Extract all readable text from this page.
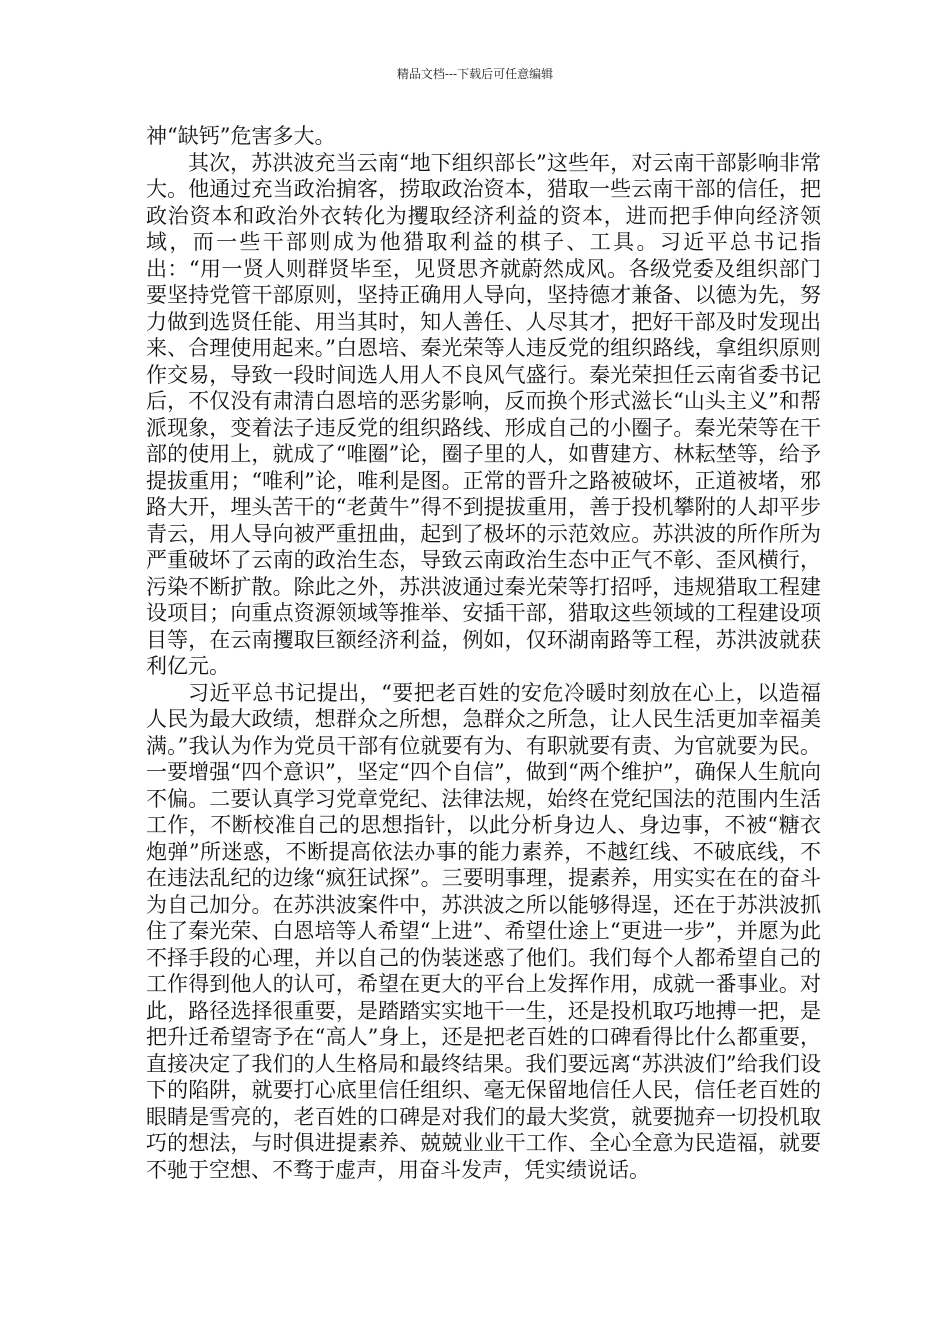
精品文档---下载后可任意编辑

神“缺钙”危害多大。

其次，苏洪波充当云南“地下组织部长”这些年，对云南干部影响非常大。他通过充当政治掮客，捞取政治资本，猎取一些云南干部的信任，把政治资本和政治外衣转化为攫取经济利益的资本，进而把手伸向经济领域，而一些干部则成为他猎取利益的棋子、工具。习近平总书记指出：“用一贤人则群贤毕至，见贤思齐就蔚然成风。各级党委及组织部门要坚持党管干部原则，坚持正确用人导向，坚持德才兼备、以德为先，努力做到选贤任能、用当其时，知人善任、人尽其才，把好干部及时发现出来、合理使用起来。”白恩培、秦光荣等人违反党的组织路线，拿组织原则作交易，导致一段时间选人用人不良风气盛行。秦光荣担任云南省委书记后，不仅没有肃清白恩培的恶劣影响，反而换个形式滋长“山头主义”和帮派现象，变着法子违反党的组织路线、形成自己的小圈子。秦光荣等在干部的使用上，就成了“唯圈”论，圈子里的人，如曹建方、林耘埜等，给予提拔重用；“唯利”论，唯利是图。正常的晋升之路被破坏，正道被堵，邪路大开，埋头苦干的“老黄牛”得不到提拔重用，善于投机攀附的人却平步青云，用人导向被严重扭曲，起到了极坏的示范效应。苏洪波的所作所为严重破坏了云南的政治生态，导致云南政治生态中正气不彰、歪风横行，污染不断扩散。除此之外，苏洪波通过秦光荣等打招呼，违规猎取工程建设项目；向重点资源领域等推举、安插干部，猎取这些领域的工程建设项目等，在云南攫取巨额经济利益，例如，仅环湖南路等工程，苏洪波就获利亿元。

习近平总书记提出，“要把老百姓的安危冷暖时刻放在心上，以造福人民为最大政绩，想群众之所想，急群众之所急，让人民生活更加幸福美满。”我认为作为党员干部有位就要有为、有职就要有责、为官就要为民。一要增强“四个意识”，坚定“四个自信”，做到“两个维护”，确保人生航向不偏。二要认真学习党章党纪、法律法规，始终在党纪国法的范围内生活工作，不断校准自己的思想指针，以此分析身边人、身边事，不被“糖衣炮弹”所迷惑，不断提高依法办事的能力素养，不越红线、不破底线，不在违法乱纪的边缘“疯狂试探”。三要明事理，提素养，用实实在在的奋斗为自己加分。在苏洪波案件中，苏洪波之所以能够得逞，还在于苏洪波抓住了秦光荣、白恩培等人希望“上进”、希望仕途上“更进一步”，并愿为此不择手段的心理，并以自己的伪装迷惑了他们。我们每个人都希望自己的工作得到他人的认可，希望在更大的平台上发挥作用，成就一番事业。对此，路径选择很重要，是踏踏实实地干一生，还是投机取巧地搏一把，是把升迁希望寄予在“高人”身上，还是把老百姓的口碑看得比什么都重要，直接决定了我们的人生格局和最终结果。我们要远离“苏洪波们”给我们设下的陷阱，就要打心底里信任组织、毫无保留地信任人民，信任老百姓的眼睛是雪亮的，老百姓的口碑是对我们的最大奖赏，就要抛弃一切投机取巧的想法，与时俱进提素养、兢兢业业干工作、全心全意为民造福，就要不驰于空想、不骛于虚声，用奋斗发声，凭实绩说话。
